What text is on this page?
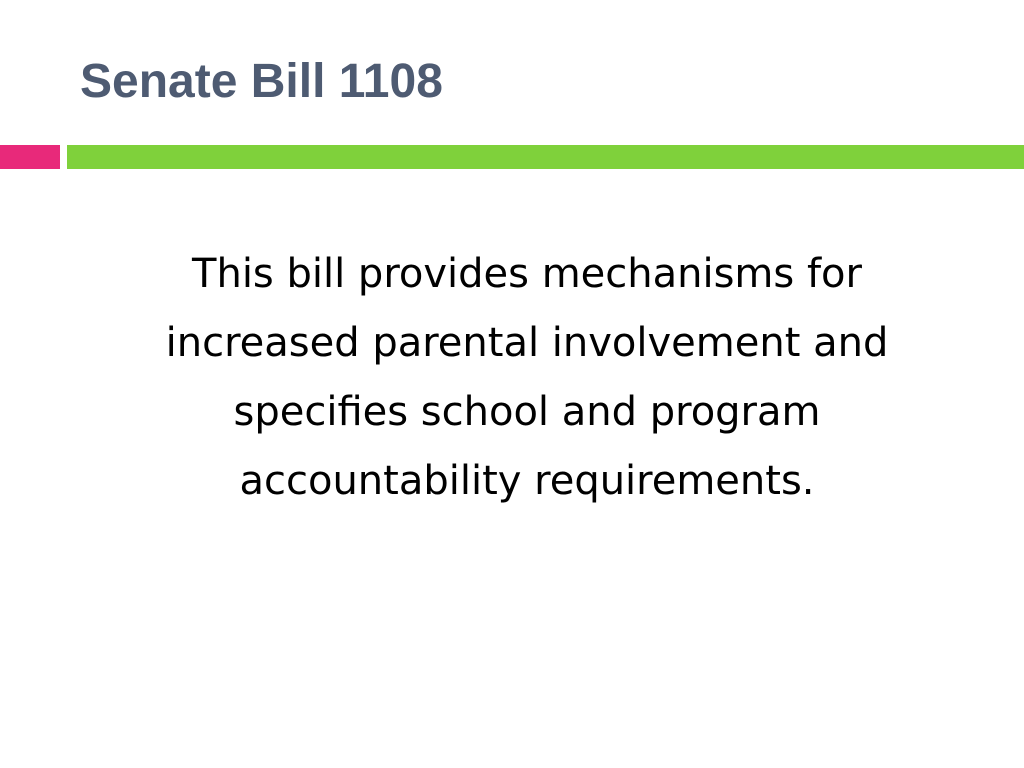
Senate Bill 1108

This bill provides mechanisms for increased parental involvement and specifies school and program accountability requirements.
